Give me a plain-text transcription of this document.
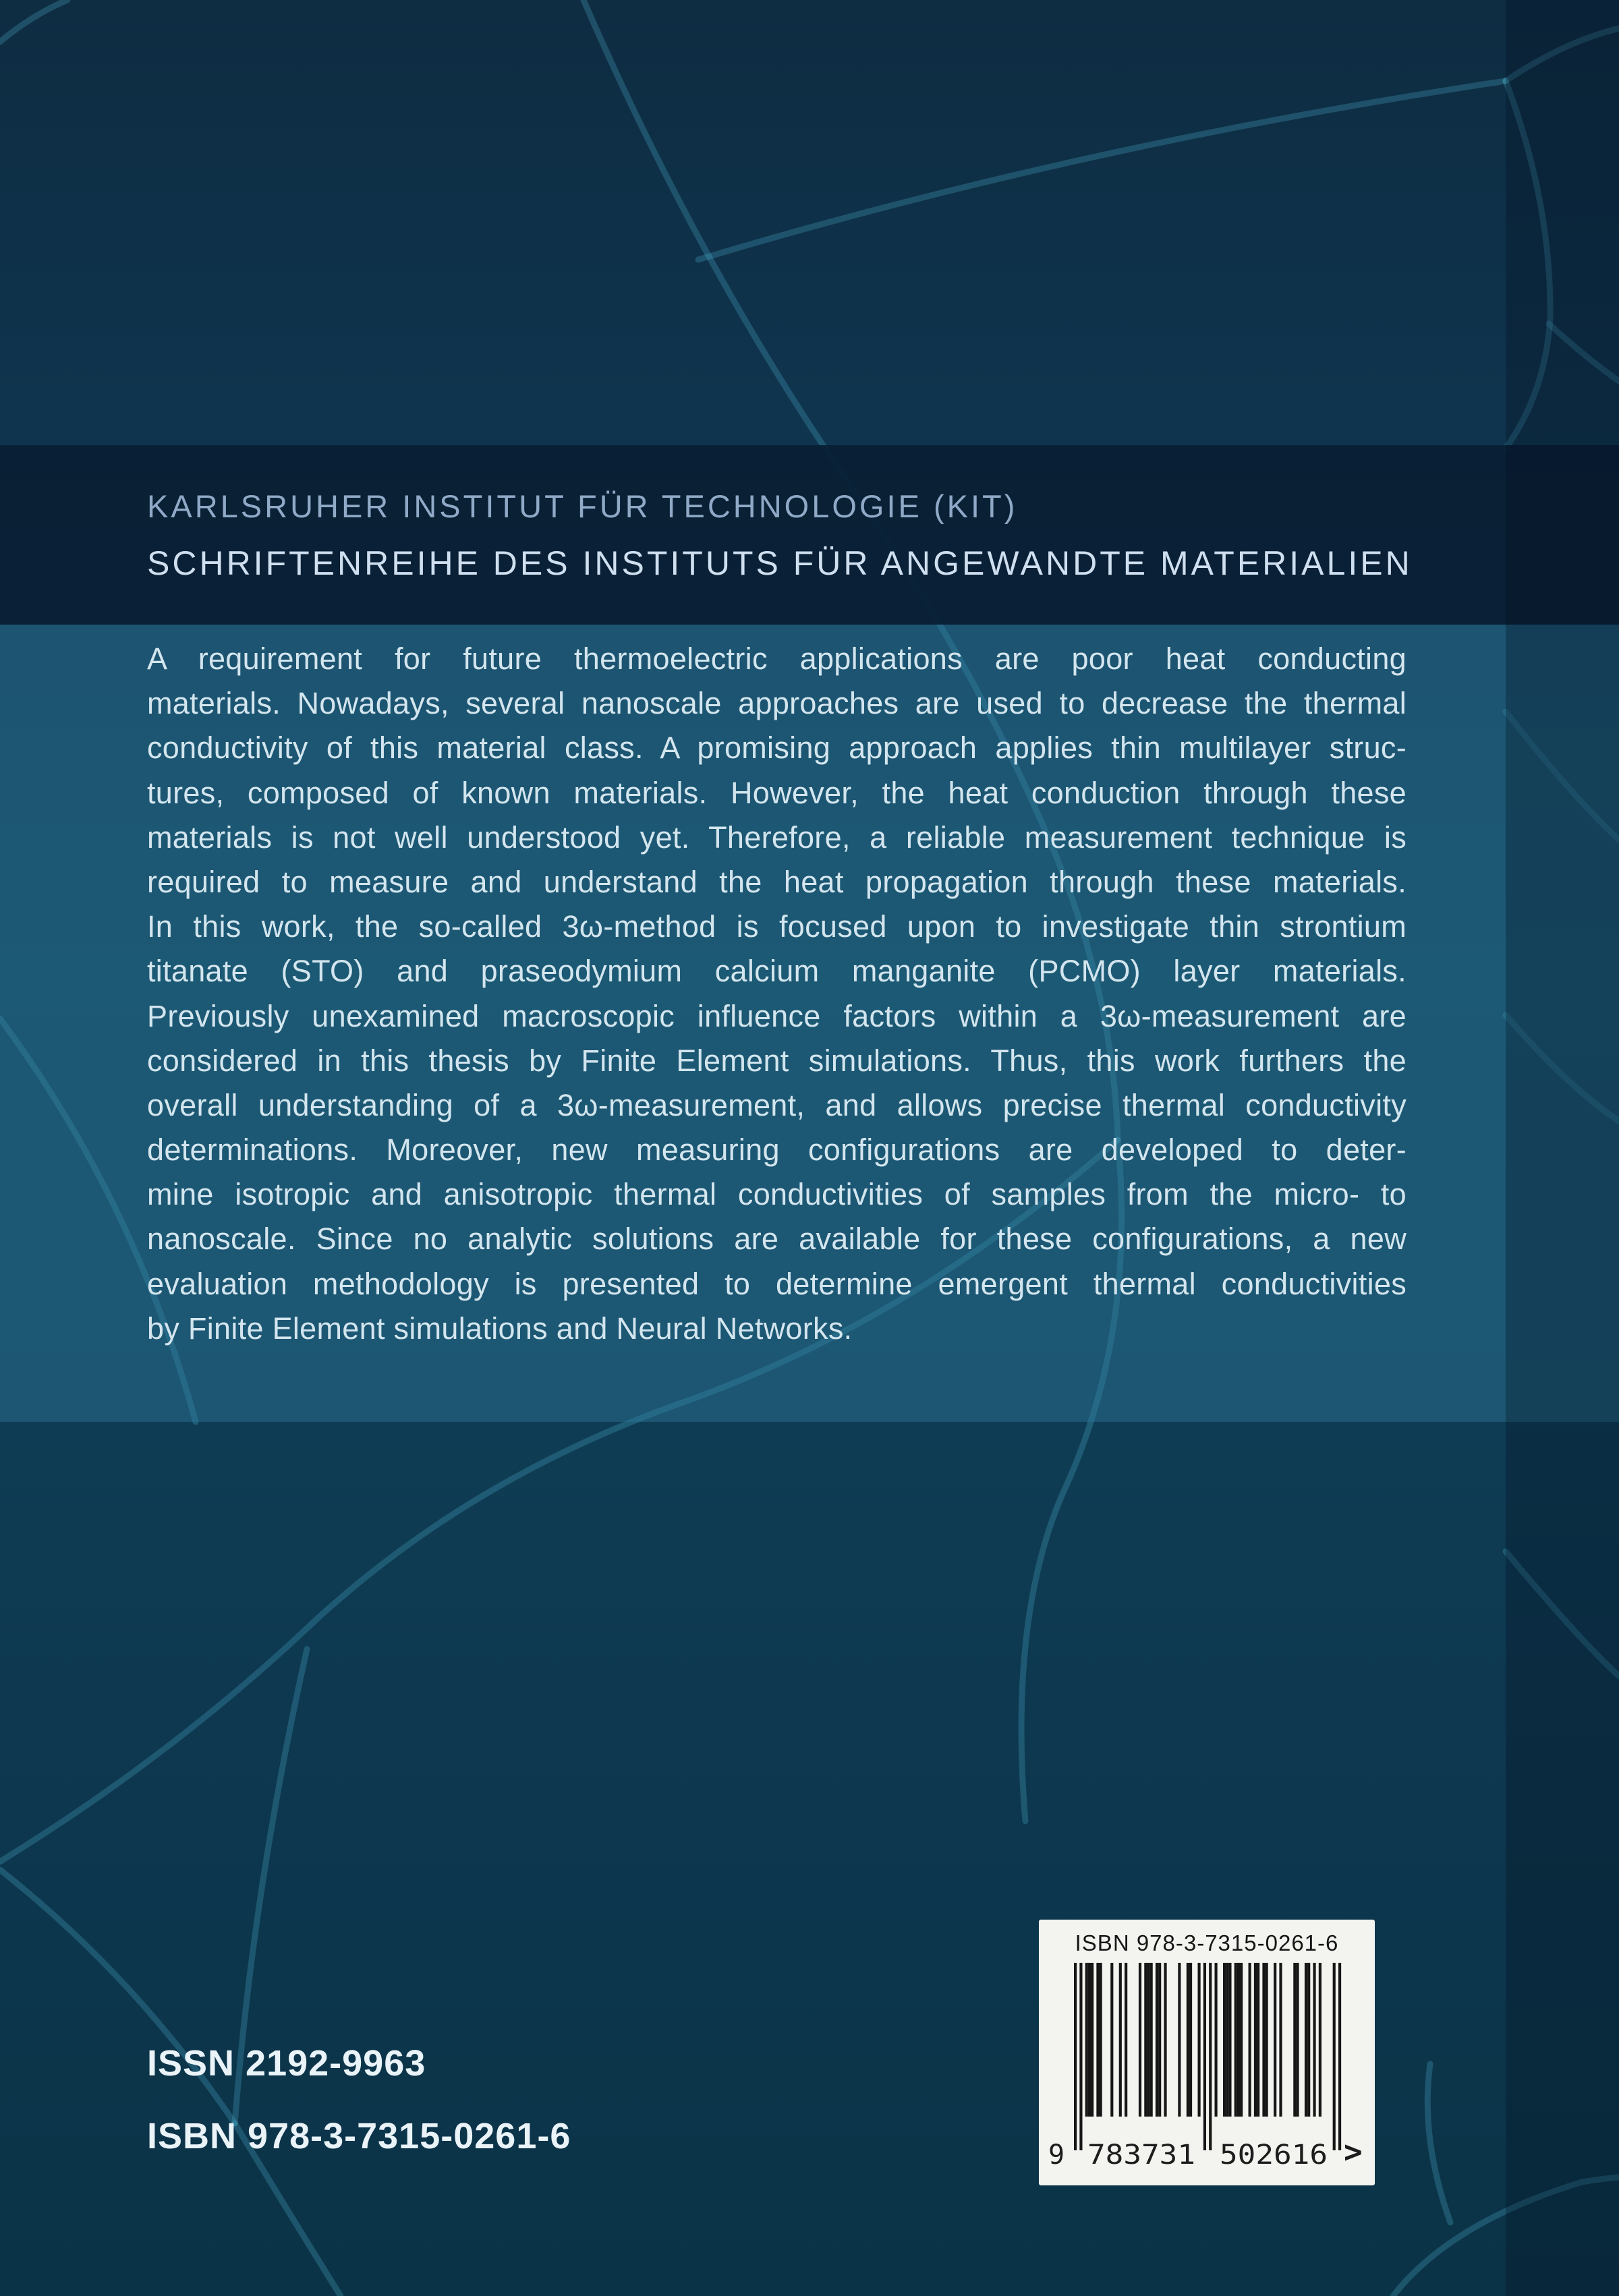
KARLSRUHER INSTITUT FÜR TECHNOLOGIE (KIT)
SCHRIFTENREIHE DES INSTITUTS FÜR ANGEWANDTE MATERIALIEN
A requirement for future thermoelectric applications are poor heat conducting
materials. Nowadays, several nanoscale approaches are used to decrease the thermal
conductivity of this material class. A promising approach applies thin multilayer struc-
tures, composed of known materials. However, the heat conduction through these
materials is not well understood yet. Therefore, a reliable measurement technique is
required to measure and understand the heat propagation through these materials.
In this work, the so-called 3ω-method is focused upon to investigate thin strontium
titanate (STO) and praseodymium calcium manganite (PCMO) layer materials.
Previously unexamined macroscopic influence factors within a 3ω-measurement are
considered in this thesis by Finite Element simulations. Thus, this work furthers the
overall understanding of a 3ω-measurement, and allows precise thermal conductivity
determinations. Moreover, new measuring configurations are developed to deter-
mine isotropic and anisotropic thermal conductivities of samples from the micro- to
nanoscale. Since no analytic solutions are available for these configurations, a new
evaluation methodology is presented to determine emergent thermal conductivities
by Finite Element simulations and Neural Networks.
ISSN 2192-9963
ISBN 978-3-7315-0261-6
ISBN 978-3-7315-0261-6
9 783731 502616 >
